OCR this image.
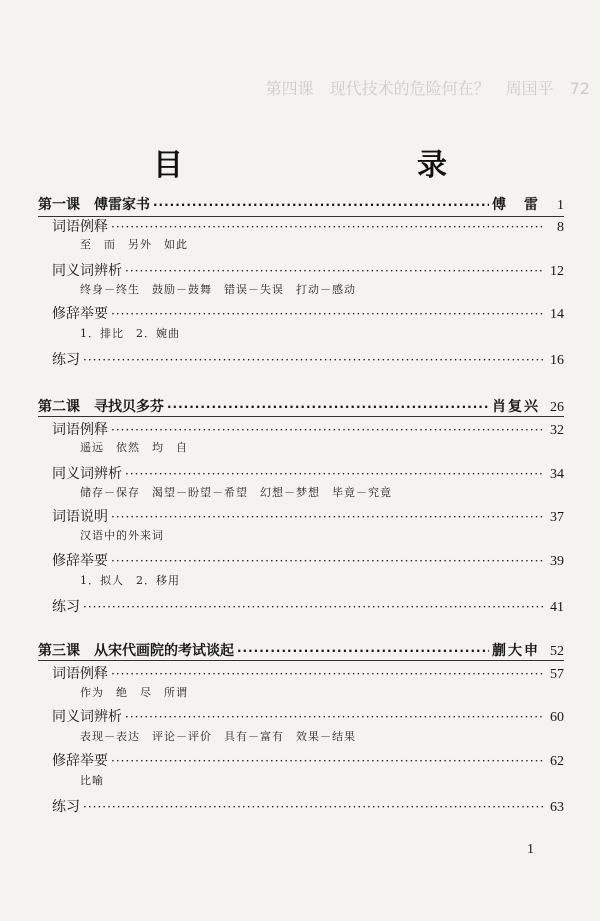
第四课　现代技术的危险何在？　周国平　72
目　　录
第一课　傅雷家书 ·····	傅　雷	1
词语例释 ·····	8
至　而　另外　如此
同义词辨析 ·····	12
终身－终生　鼓励－鼓舞　错误－失误　打动－感动
修辞举要 ·····	14
1．排比　2．婉曲
练习 ·····	16
第二课　寻找贝多芬 ·····	肖复兴 26
词语例释 ·····	32
遥远　依然　均　自
同义词辨析 ·····	34
储存－保存　渴望－盼望－希望　幻想－梦想　毕竟－究竟
词语说明 ·····	37
汉语中的外来词
修辞举要 ·····	39
1．拟人　2．移用
练习 ·····	41
第三课　从宋代画院的考试谈起 ·····	蒯大申 52
词语例释 ·····	57
作为　绝　尽　所谓
同义词辨析 ·····	60
表现－表达　评论－评价　具有－富有　效果－结果
修辞举要 ·····	62
比喻
练习 ·····	63
1
